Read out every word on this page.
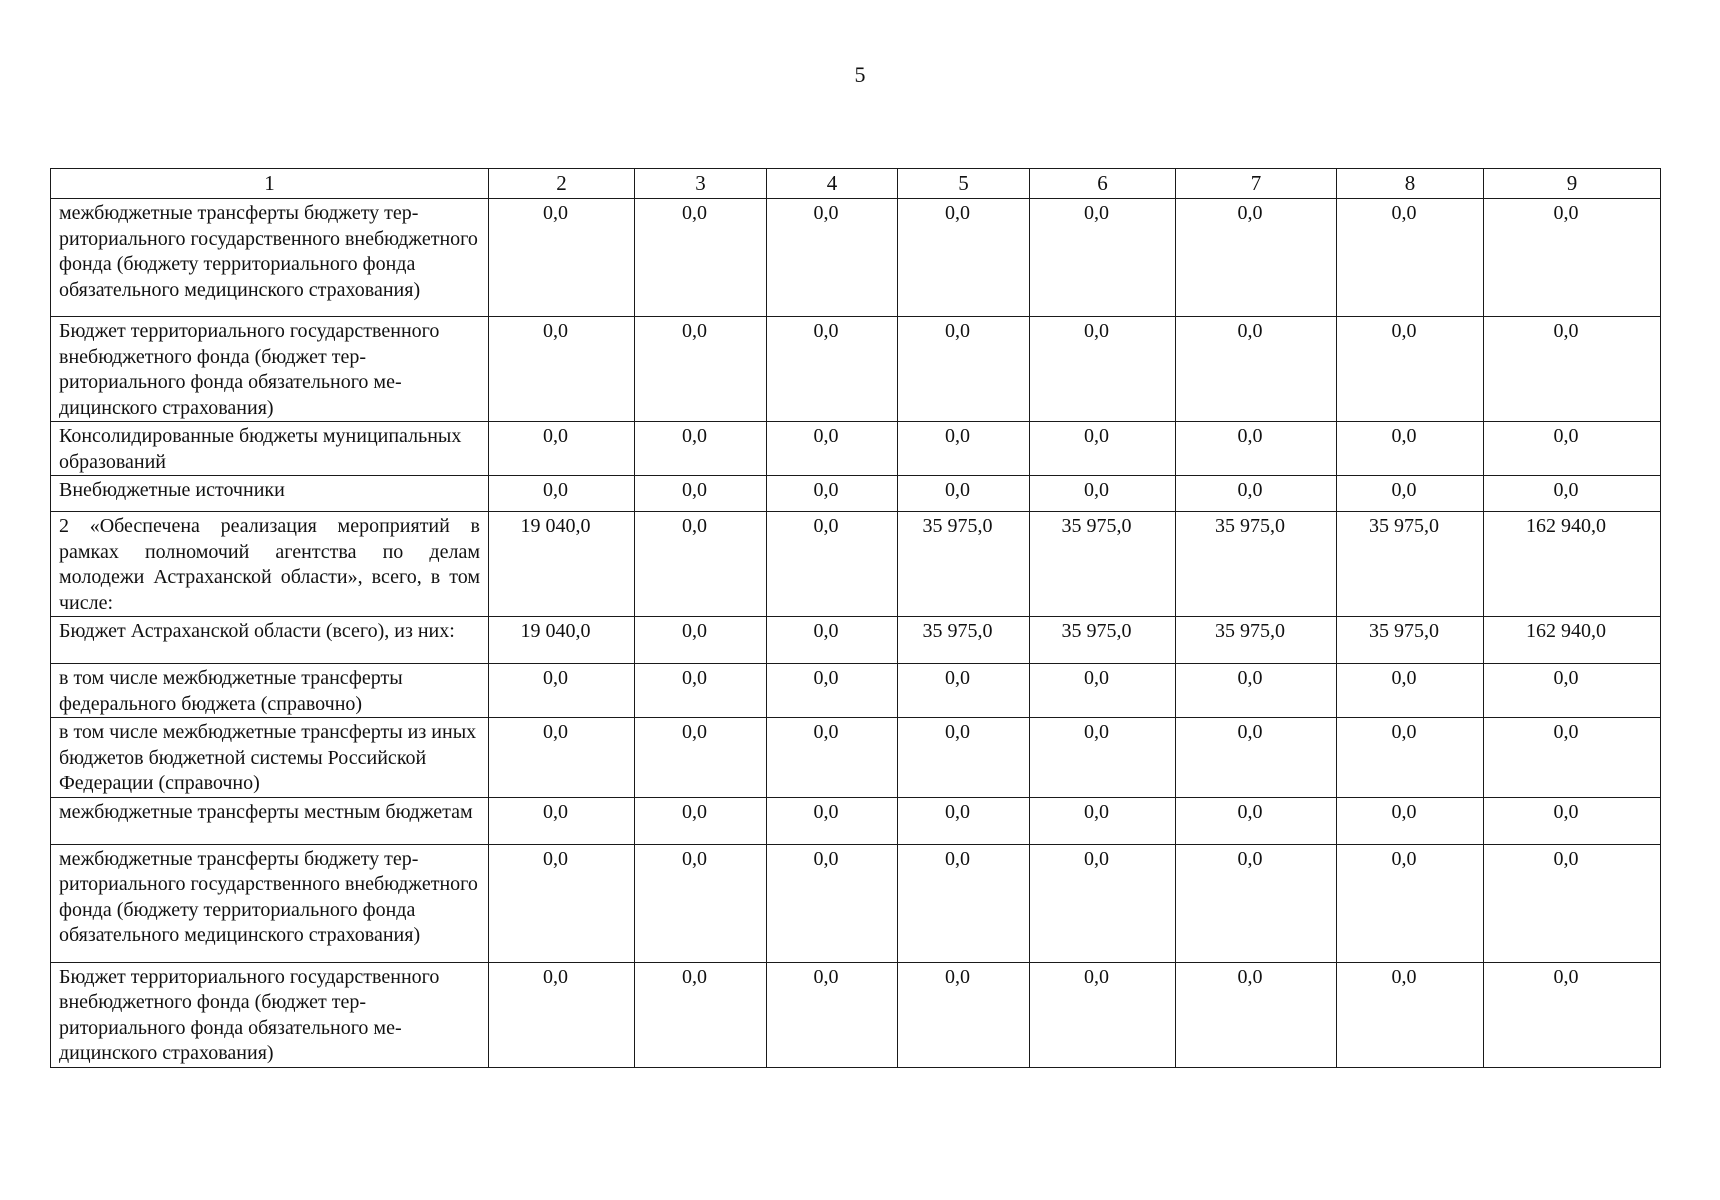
5
1	2	3	4	5	6	7	8	9
межбюджетные трансферты бюджету территориального государственного внебюджетного фонда (бюджету территориального фонда обязательного медицинского страхования)	0,0	0,0	0,0	0,0	0,0	0,0	0,0	0,0
Бюджет территориального государственного внебюджетного фонда (бюджет территориального фонда обязательного медицинского страхования)	0,0	0,0	0,0	0,0	0,0	0,0	0,0	0,0
Консолидированные бюджеты муниципальных образований	0,0	0,0	0,0	0,0	0,0	0,0	0,0	0,0
Внебюджетные источники	0,0	0,0	0,0	0,0	0,0	0,0	0,0	0,0
2 «Обеспечена реализация мероприятий в рамках полномочий агентства по делам молодежи Астраханской области», всего, в том числе:	19 040,0	0,0	0,0	35 975,0	35 975,0	35 975,0	35 975,0	162 940,0
Бюджет Астраханской области (всего), из них:	19 040,0	0,0	0,0	35 975,0	35 975,0	35 975,0	35 975,0	162 940,0
в том числе межбюджетные трансферты федерального бюджета (справочно)	0,0	0,0	0,0	0,0	0,0	0,0	0,0	0,0
в том числе межбюджетные трансферты из иных бюджетов бюджетной системы Российской Федерации (справочно)	0,0	0,0	0,0	0,0	0,0	0,0	0,0	0,0
межбюджетные трансферты местным бюджетам	0,0	0,0	0,0	0,0	0,0	0,0	0,0	0,0
межбюджетные трансферты бюджету территориального государственного внебюджетного фонда (бюджету территориального фонда обязательного медицинского страхования)	0,0	0,0	0,0	0,0	0,0	0,0	0,0	0,0
Бюджет территориального государственного внебюджетного фонда (бюджет территориального фонда обязательного медицинского страхования)	0,0	0,0	0,0	0,0	0,0	0,0	0,0	0,0
